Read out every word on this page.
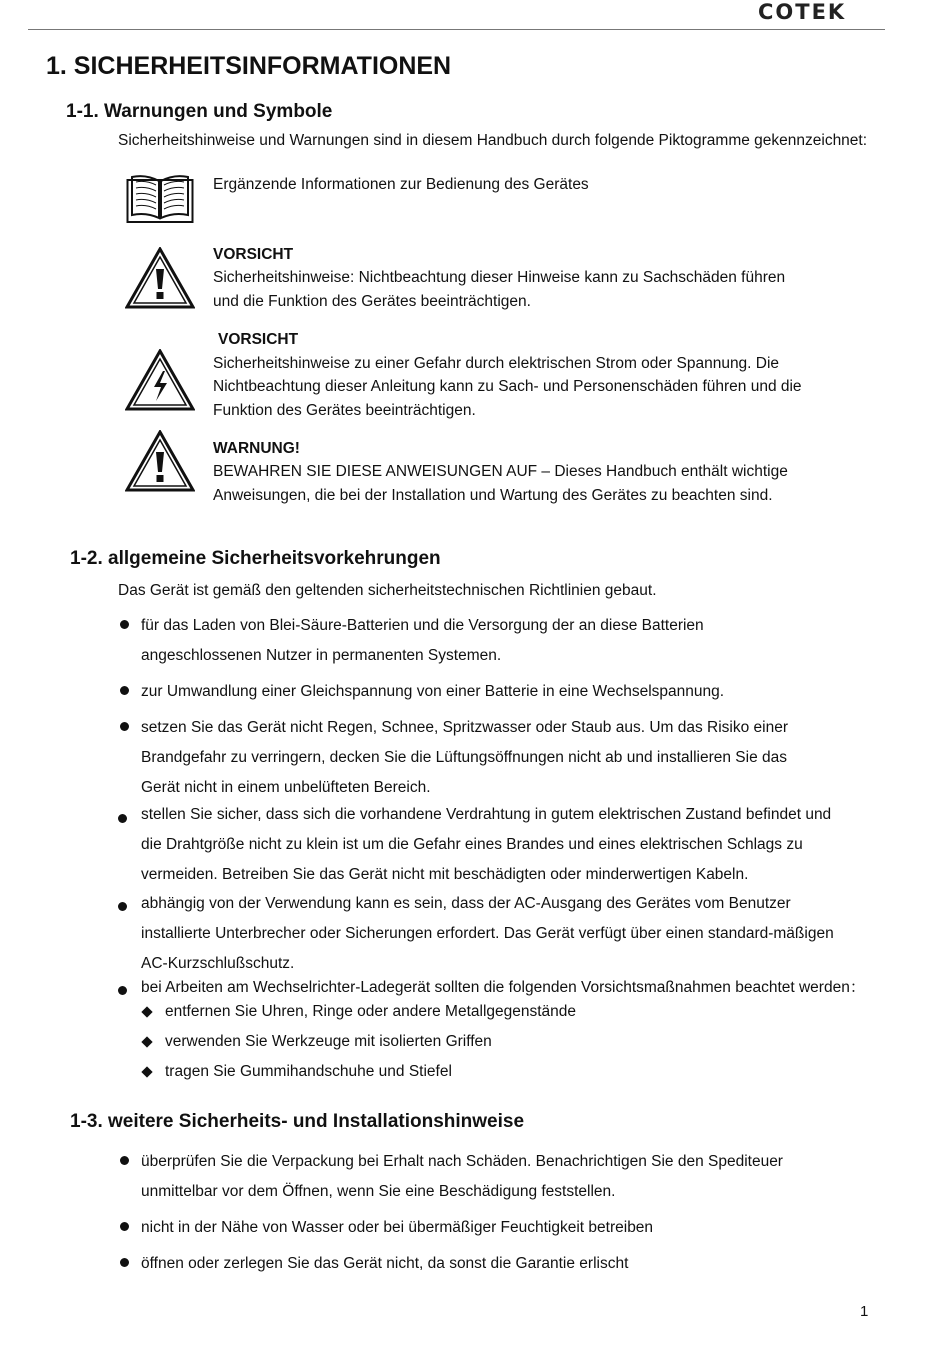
COTEK
1. SICHERHEITSINFORMATIONEN
1-1. Warnungen und Symbole
Sicherheitshinweise und Warnungen sind in diesem Handbuch durch folgende Piktogramme gekennzeichnet:
Ergänzende Informationen zur Bedienung des Gerätes
VORSICHT
Sicherheitshinweise: Nichtbeachtung dieser Hinweise kann zu Sachschäden führen
und die Funktion des Gerätes beeinträchtigen.
VORSICHT
Sicherheitshinweise zu einer Gefahr durch elektrischen Strom oder Spannung. Die
Nichtbeachtung dieser Anleitung kann zu Sach- und Personenschäden führen und die
Funktion des Gerätes beeinträchtigen.
WARNUNG!
BEWAHREN SIE DIESE ANWEISUNGEN AUF – Dieses Handbuch enthält wichtige
Anweisungen, die bei der Installation und Wartung des Gerätes zu beachten sind.
1-2. allgemeine Sicherheitsvorkehrungen
Das Gerät ist gemäß den geltenden sicherheitstechnischen Richtlinien gebaut.
für das Laden von Blei-Säure-Batterien und die Versorgung der an diese Batterien
angeschlossenen Nutzer in permanenten Systemen.
zur Umwandlung einer Gleichspannung von einer Batterie in eine Wechselspannung.
setzen Sie das Gerät nicht Regen, Schnee, Spritzwasser oder Staub aus. Um das Risiko einer
Brandgefahr zu verringern, decken Sie die Lüftungsöffnungen nicht ab und installieren Sie das
Gerät nicht in einem unbelüfteten Bereich.
stellen Sie sicher, dass sich die vorhandene Verdrahtung in gutem elektrischen Zustand befindet und
die Drahtgröße nicht zu klein ist um die Gefahr eines Brandes und eines elektrischen Schlags zu
vermeiden. Betreiben Sie das Gerät nicht mit beschädigten oder minderwertigen Kabeln.
abhängig von der Verwendung kann es sein, dass der AC-Ausgang des Gerätes vom Benutzer
installierte Unterbrecher oder Sicherungen erfordert. Das Gerät verfügt über einen standard-mäßigen
AC-Kurzschlußschutz.
bei Arbeiten am Wechselrichter-Ladegerät sollten die folgenden Vorsichtsmaßnahmen beachtet werden：
entfernen Sie Uhren, Ringe oder andere Metallgegenstände
verwenden Sie Werkzeuge mit isolierten Griffen
tragen Sie Gummihandschuhe und Stiefel
1-3. weitere Sicherheits- und Installationshinweise
überprüfen Sie die Verpackung bei Erhalt nach Schäden. Benachrichtigen Sie den Spediteuer
unmittelbar vor dem Öffnen, wenn Sie eine Beschädigung feststellen.
nicht in der Nähe von Wasser oder bei übermäßiger Feuchtigkeit betreiben
öffnen oder zerlegen Sie das Gerät nicht, da sonst die Garantie erlischt
1
